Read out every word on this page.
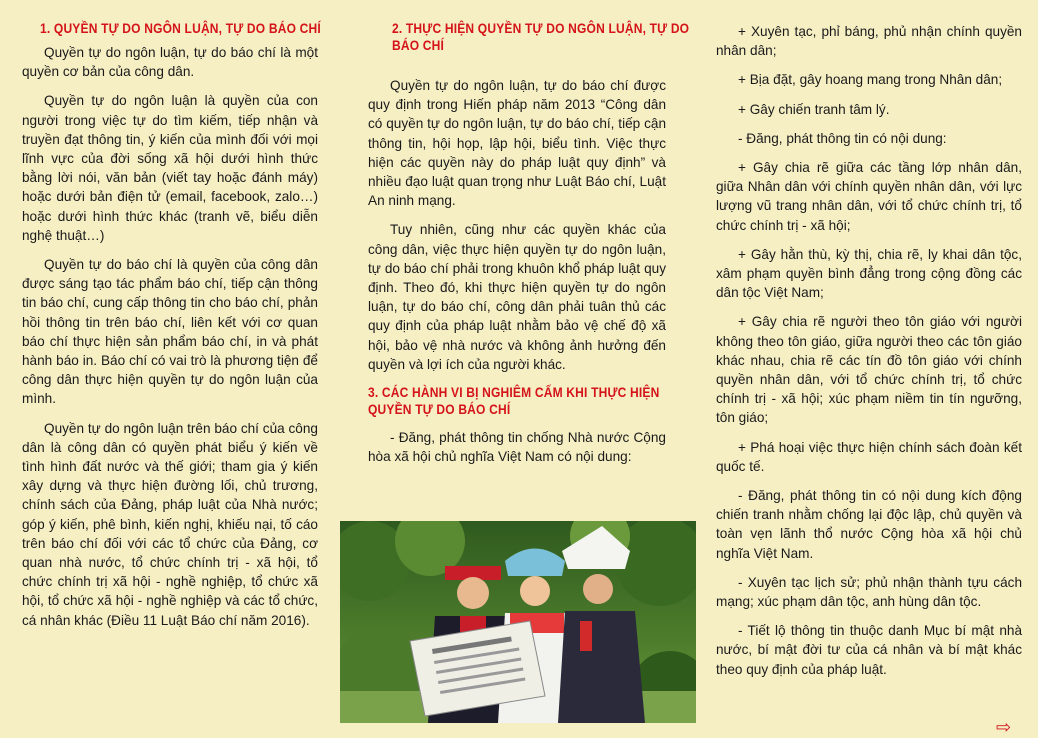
1. QUYỀN TỰ DO NGÔN LUẬN, TỰ DO BÁO CHÍ

Quyền tự do ngôn luận, tự do báo chí là một quyền cơ bản của công dân.

Quyền tự do ngôn luận là quyền của con người trong việc tự do tìm kiếm, tiếp nhận và truyền đạt thông tin, ý kiến của mình đối với mọi lĩnh vực của đời sống xã hội dưới hình thức bằng lời nói, văn bản (viết tay hoặc đánh máy) hoặc dưới bản điện tử (email, facebook, zalo…) hoặc dưới hình thức khác (tranh vẽ, biểu diễn nghệ thuật…)

Quyền tự do báo chí là quyền của công dân được sáng tạo tác phẩm báo chí, tiếp cận thông tin báo chí, cung cấp thông tin cho báo chí, phản hồi thông tin trên báo chí, liên kết với cơ quan báo chí thực hiện sản phẩm báo chí, in và phát hành báo in. Báo chí có vai trò là phương tiện để công dân thực hiện quyền tự do ngôn luận của mình.

Quyền tự do ngôn luận trên báo chí của công dân là công dân có quyền phát biểu ý kiến về tình hình đất nước và thế giới; tham gia ý kiến xây dựng và thực hiện đường lối, chủ trương, chính sách của Đảng, pháp luật của Nhà nước; góp ý kiến, phê bình, kiến nghị, khiếu nại, tố cáo trên báo chí đối với các tổ chức của Đảng, cơ quan nhà nước, tổ chức chính trị - xã hội, tổ chức chính trị xã hội - nghề nghiệp, tổ chức xã hội, tổ chức xã hội - nghề nghiệp và các tổ chức, cá nhân khác (Điều 11 Luật Báo chí năm 2016).

2. THỰC HIỆN QUYỀN TỰ DO NGÔN LUẬN, TỰ DO BÁO CHÍ

Quyền tự do ngôn luận, tự do báo chí được quy định trong Hiến pháp năm 2013 “Công dân có quyền tự do ngôn luận, tự do báo chí, tiếp cận thông tin, hội họp, lập hội, biểu tình. Việc thực hiện các quyền này do pháp luật quy định” và nhiều đạo luật quan trọng như Luật Báo chí, Luật An ninh mạng.

Tuy nhiên, cũng như các quyền khác của công dân, việc thực hiện quyền tự do ngôn luận, tự do báo chí phải trong khuôn khổ pháp luật quy định. Theo đó, khi thực hiện quyền tự do ngôn luận, tự do báo chí, công dân phải tuân thủ các quy định của pháp luật nhằm bảo vệ chế độ xã hội, bảo vệ nhà nước và không ảnh hưởng đến quyền và lợi ích của người khác.

3. CÁC HÀNH VI BỊ NGHIÊM CẤM KHI THỰC HIỆN QUYỀN TỰ DO BÁO CHÍ

- Đăng, phát thông tin chống Nhà nước Cộng hòa xã hội chủ nghĩa Việt Nam có nội dung:

+ Xuyên tạc, phỉ báng, phủ nhận chính quyền nhân dân;

+ Bịa đặt, gây hoang mang trong Nhân dân;

+ Gây chiến tranh tâm lý.

- Đăng, phát thông tin có nội dung:

+ Gây chia rẽ giữa các tầng lớp nhân dân, giữa Nhân dân với chính quyền nhân dân, với lực lượng vũ trang nhân dân, với tổ chức chính trị, tổ chức chính trị - xã hội;

+ Gây hằn thù, kỳ thị, chia rẽ, ly khai dân tộc, xâm phạm quyền bình đẳng trong cộng đồng các dân tộc Việt Nam;

+ Gây chia rẽ người theo tôn giáo với người không theo tôn giáo, giữa người theo các tôn giáo khác nhau, chia rẽ các tín đồ tôn giáo với chính quyền nhân dân, với tổ chức chính trị, tổ chức chính trị - xã hội; xúc phạm niềm tin tín ngưỡng, tôn giáo;

+ Phá hoại việc thực hiện chính sách đoàn kết quốc tế.

- Đăng, phát thông tin có nội dung kích động chiến tranh nhằm chống lại độc lập, chủ quyền và toàn vẹn lãnh thổ nước Cộng hòa xã hội chủ nghĩa Việt Nam.

- Xuyên tạc lịch sử; phủ nhận thành tựu cách mạng; xúc phạm dân tộc, anh hùng dân tộc.

- Tiết lộ thông tin thuộc danh Mục bí mật nhà nước, bí mật đời tư của cá nhân và bí mật khác theo quy định của pháp luật.

⇨
